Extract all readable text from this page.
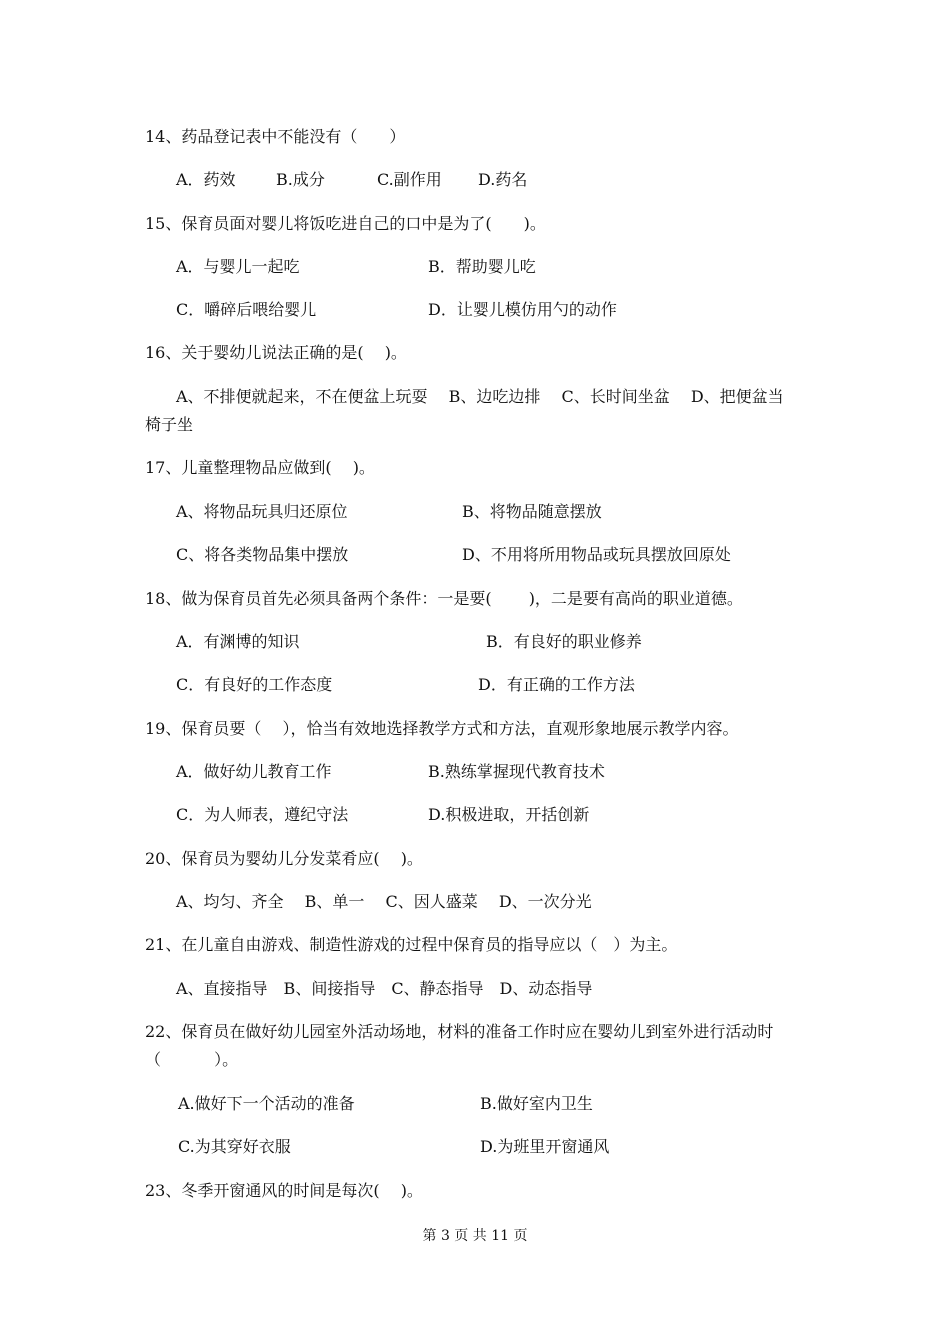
14、药品登记表中不能没有（　　）
A．药效	B.成分	C.副作用 D.药名
15、保育员面对婴儿将饭吃进自己的口中是为了(　　)。
A．与婴儿一起吃	B．帮助婴儿吃
C．嚼碎后喂给婴儿	D．让婴儿模仿用勺的动作
16、关于婴幼儿说法正确的是(　 )。
A、不排便就起来，不在便盆上玩耍　 B、边吃边排　 C、长时间坐盆　 D、把便盆当
椅子坐
17、儿童整理物品应做到(　 )。
A、将物品玩具归还原位	B、将物品随意摆放
C、将各类物品集中摆放	D、不用将所用物品或玩具摆放回原处
18、做为保育员首先必须具备两个条件：一是要(　　 )，二是要有高尚的职业道德。
A．有渊博的知识	B．有良好的职业修养
C．有良好的工作态度	D．有正确的工作方法
19、保育员要（　 ），恰当有效地选择教学方式和方法，直观形象地展示教学内容。
A．做好幼儿教育工作	B.熟练掌握现代教育技术
C．为人师表，遵纪守法	D.积极进取，开括创新
20、保育员为婴幼儿分发菜肴应(　 )。
A、均匀、齐全　 B、单一　 C、因人盛菜　 D、一次分光
21、在儿童自由游戏、制造性游戏的过程中保育员的指导应以（　）为主。
A、直接指导　B、间接指导　C、静态指导　D、动态指导
22、保育员在做好幼儿园室外活动场地，材料的准备工作时应在婴幼儿到室外进行活动时
（　　　 ）。
A.做好下一个活动的准备	B.做好室内卫生
C.为其穿好衣服	D.为班里开窗通风
23、冬季开窗通风的时间是每次(　 )。
第 3 页 共 11 页
